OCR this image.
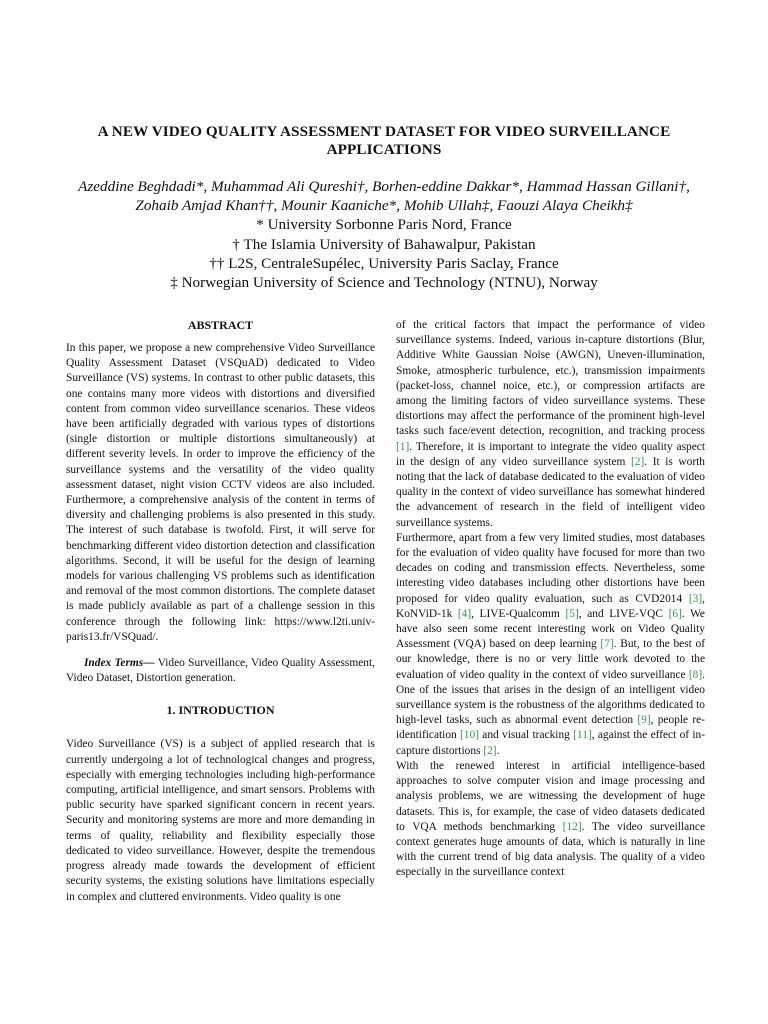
A NEW VIDEO QUALITY ASSESSMENT DATASET FOR VIDEO SURVEILLANCE
APPLICATIONS
Azeddine Beghdadi*, Muhammad Ali Qureshi†, Borhen-eddine Dakkar*, Hammad Hassan Gillani†,
Zohaib Amjad Khan††, Mounir Kaaniche*, Mohib Ullah‡, Faouzi Alaya Cheikh‡
* University Sorbonne Paris Nord, France
† The Islamia University of Bahawalpur, Pakistan
†† L2S, CentraleSupélec, University Paris Saclay, France
‡ Norwegian University of Science and Technology (NTNU), Norway
ABSTRACT

In this paper, we propose a new comprehensive Video Surveillance Quality Assessment Dataset (VSQuAD) dedicated to Video Surveillance (VS) systems. In contrast to other public datasets, this one contains many more videos with distortions and diversified content from common video surveillance scenarios. These videos have been artificially degraded with various types of distortions (single distortion or multiple distortions simultaneously) at different severity levels. In order to improve the efficiency of the surveillance systems and the versatility of the video quality assessment dataset, night vision CCTV videos are also included. Furthermore, a comprehensive analysis of the content in terms of diversity and challenging problems is also presented in this study. The interest of such database is twofold. First, it will serve for benchmarking different video distortion detection and classification algorithms. Second, it will be useful for the design of learning models for various challenging VS problems such as identification and removal of the most common distortions. The complete dataset is made publicly available as part of a challenge session in this conference through the following link: https://www.l2ti.univ-paris13.fr/VSQuad/.

Index Terms— Video Surveillance, Video Quality Assessment, Video Dataset, Distortion generation.

1. INTRODUCTION

Video Surveillance (VS) is a subject of applied research that is currently undergoing a lot of technological changes and progress, especially with emerging technologies including high-performance computing, artificial intelligence, and smart sensors. Problems with public security have sparked significant concern in recent years. Security and monitoring systems are more and more demanding in terms of quality, reliability and flexibility especially those dedicated to video surveillance. However, despite the tremendous progress already made towards the development of efficient security systems, the existing solutions have limitations especially in complex and cluttered environments. Video quality is one

of the critical factors that impact the performance of video surveillance systems. Indeed, various in-capture distortions (Blur, Additive White Gaussian Noise (AWGN), Uneven-illumination, Smoke, atmospheric turbulence, etc.), transmission impairments (packet-loss, channel noice, etc.), or compression artifacts are among the limiting factors of video surveillance systems. These distortions may affect the performance of the prominent high-level tasks such face/event detection, recognition, and tracking process [1]. Therefore, it is important to integrate the video quality aspect in the design of any video surveillance system [2]. It is worth noting that the lack of database dedicated to the evaluation of video quality in the context of video surveillance has somewhat hindered the advancement of research in the field of intelligent video surveillance systems.

Furthermore, apart from a few very limited studies, most databases for the evaluation of video quality have focused for more than two decades on coding and transmission effects. Nevertheless, some interesting video databases including other distortions have been proposed for video quality evaluation, such as CVD2014 [3], KoNViD-1k [4], LIVE-Qualcomm [5], and LIVE-VQC [6]. We have also seen some recent interesting work on Video Quality Assessment (VQA) based on deep learning [7]. But, to the best of our knowledge, there is no or very little work devoted to the evaluation of video quality in the context of video surveillance [8]. One of the issues that arises in the design of an intelligent video surveillance system is the robustness of the algorithms dedicated to high-level tasks, such as abnormal event detection [9], people re-identification [10] and visual tracking [11], against the effect of in-capture distortions [2].

With the renewed interest in artificial intelligence-based approaches to solve computer vision and image processing and analysis problems, we are witnessing the development of huge datasets. This is, for example, the case of video datasets dedicated to VQA methods benchmarking [12]. The video surveillance context generates huge amounts of data, which is naturally in line with the current trend of big data analysis. The quality of a video especially in the surveillance context
